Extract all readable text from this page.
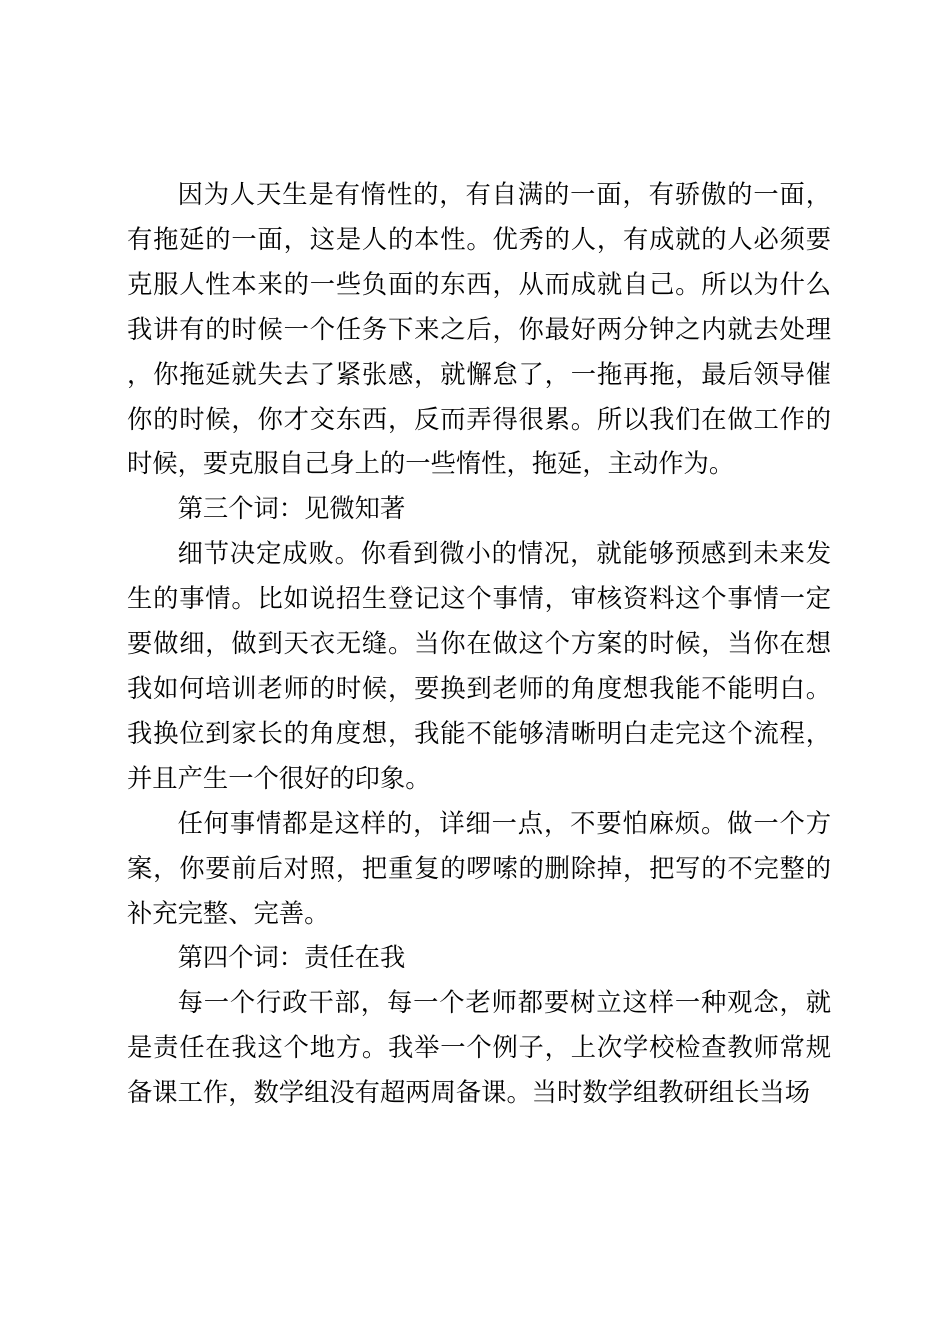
因为人天生是有惰性的，有自满的一面，有骄傲的一面，有拖延的一面，这是人的本性。优秀的人，有成就的人必须要克服人性本来的一些负面的东西，从而成就自己。所以为什么我讲有的时候一个任务下来之后，你最好两分钟之内就去处理，你拖延就失去了紧张感，就懈怠了，一拖再拖，最后领导催你的时候，你才交东西，反而弄得很累。所以我们在做工作的时候，要克服自己身上的一些惰性，拖延，主动作为。

第三个词：见微知著

细节决定成败。你看到微小的情况，就能够预感到未来发生的事情。比如说招生登记这个事情，审核资料这个事情一定要做细，做到天衣无缝。当你在做这个方案的时候，当你在想我如何培训老师的时候，要换到老师的角度想我能不能明白。我换位到家长的角度想，我能不能够清晰明白走完这个流程，并且产生一个很好的印象。

任何事情都是这样的，详细一点，不要怕麻烦。做一个方案，你要前后对照，把重复的啰嗦的删除掉，把写的不完整的补充完整、完善。

第四个词：责任在我

每一个行政干部，每一个老师都要树立这样一种观念，就是责任在我这个地方。我举一个例子，上次学校检查教师常规备课工作，数学组没有超两周备课。当时数学组教研组长当场
